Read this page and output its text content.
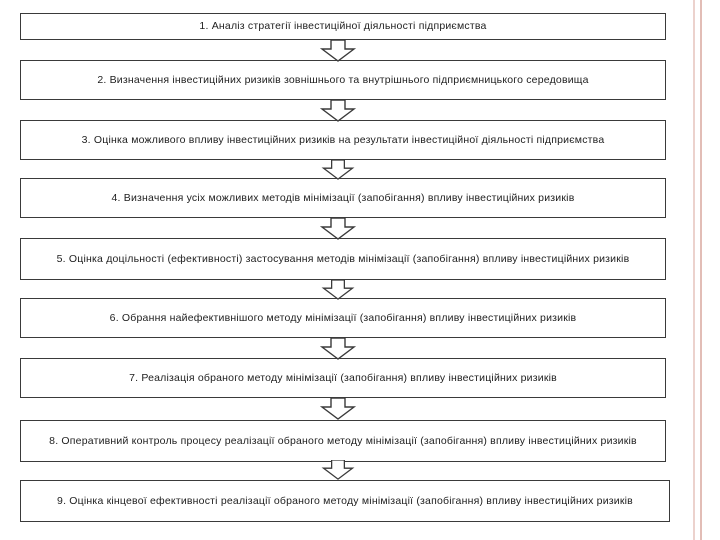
1. Аналіз стратегії інвестиційної діяльності підприємства
2. Визначення інвестиційних ризиків зовнішнього та внутрішнього підприємницького середовища
3. Оцінка можливого впливу інвестиційних ризиків на результати інвестиційної діяльності підприємства
4. Визначення усіх можливих методів мінімізації (запобігання) впливу інвестиційних ризиків
5. Оцінка доцільності (ефективності) застосування методів мінімізації (запобігання) впливу інвестиційних ризиків
6. Обрання найефективнішого методу мінімізації (запобігання) впливу інвестиційних ризиків
7. Реалізація обраного методу мінімізації (запобігання) впливу інвестиційних ризиків
8. Оперативний контроль процесу реалізації обраного методу мінімізації (запобігання) впливу інвестиційних ризиків
9. Оцінка кінцевої ефективності реалізації обраного методу мінімізації (запобігання) впливу інвестиційних ризиків
